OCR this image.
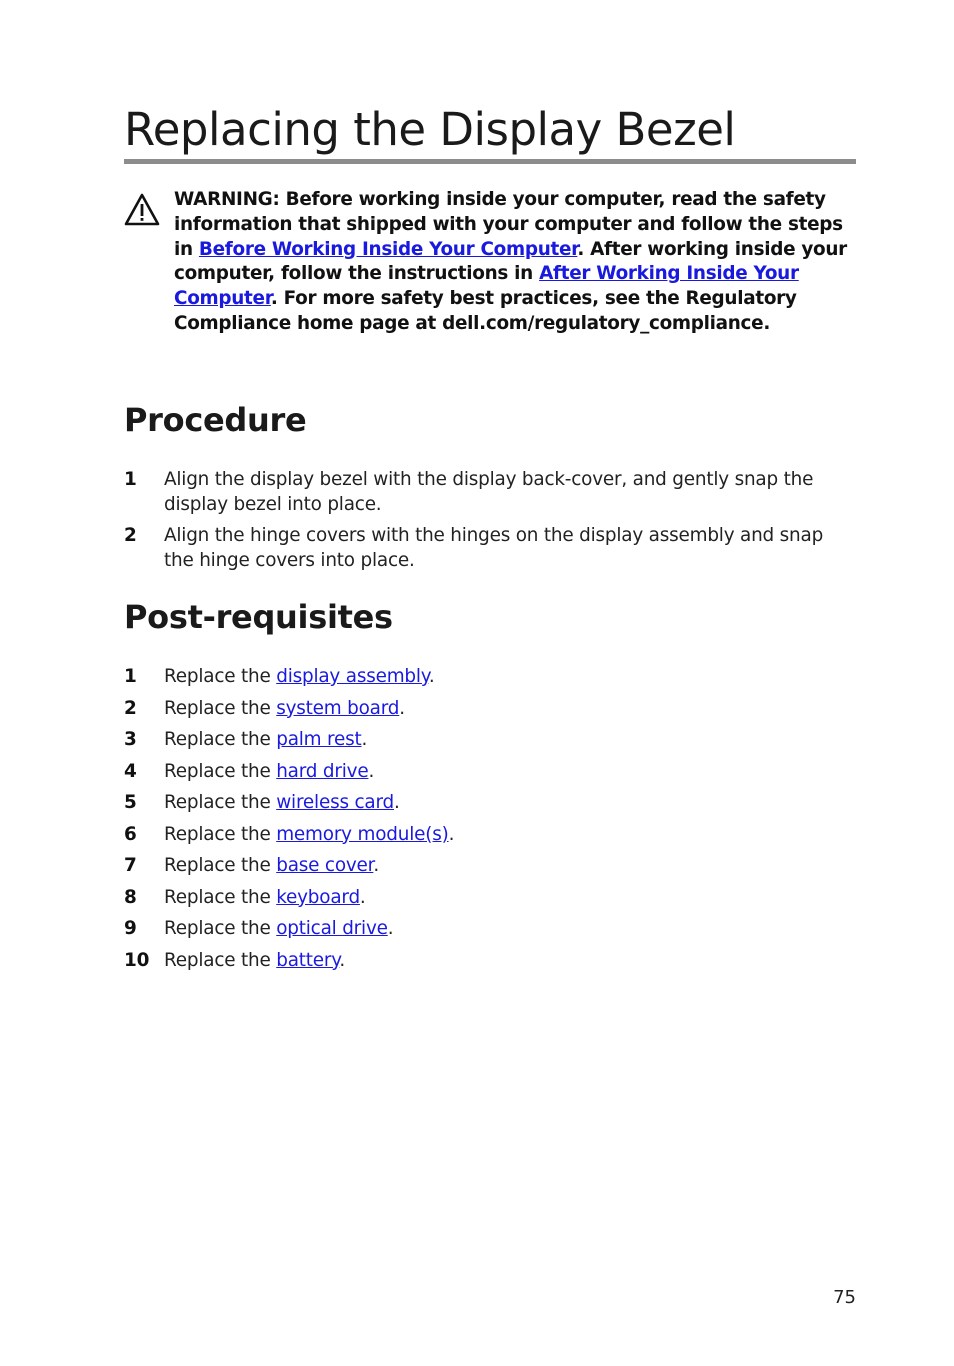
Replacing the Display Bezel
WARNING: Before working inside your computer, read the safety information that shipped with your computer and follow the steps in Before Working Inside Your Computer. After working inside your computer, follow the instructions in After Working Inside Your Computer. For more safety best practices, see the Regulatory Compliance home page at dell.com/regulatory_compliance.
Procedure
1	Align the display bezel with the display back-cover, and gently snap the display bezel into place.
2	Align the hinge covers with the hinges on the display assembly and snap the hinge covers into place.
Post-requisites
1	Replace the display assembly.
2	Replace the system board.
3	Replace the palm rest.
4	Replace the hard drive.
5	Replace the wireless card.
6	Replace the memory module(s).
7	Replace the base cover.
8	Replace the keyboard.
9	Replace the optical drive.
10 Replace the battery.
75
